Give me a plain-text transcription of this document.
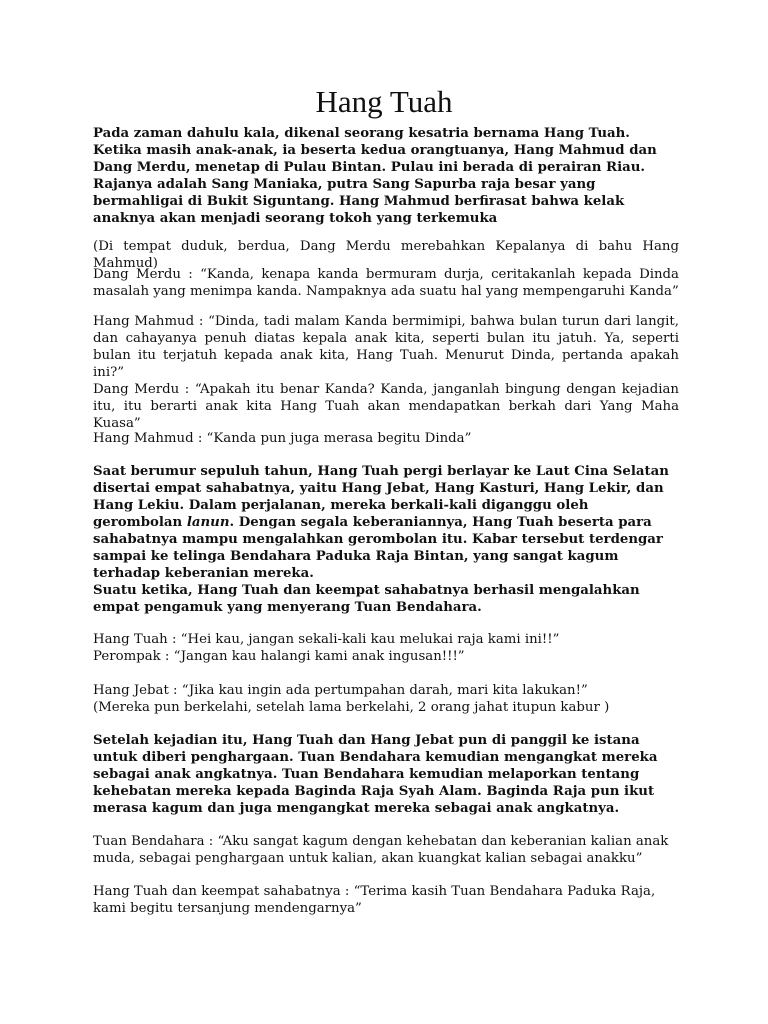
Hang Tuah

Pada zaman dahulu kala, dikenal seorang kesatria bernama Hang Tuah. Ketika masih anak-anak, ia beserta kedua orangtuanya, Hang Mahmud dan Dang Merdu, menetap di Pulau Bintan. Pulau ini berada di perairan Riau. Rajanya adalah Sang Maniaka, putra Sang Sapurba raja besar yang bermahligai di Bukit Siguntang. Hang Mahmud berfirasat bahwa kelak anaknya akan menjadi seorang tokoh yang terkemuka

(Di tempat duduk, berdua, Dang Merdu merebahkan Kepalanya di bahu Hang Mahmud)

Dang Merdu : “Kanda, kenapa kanda bermuram durja, ceritakanlah kepada Dinda masalah yang menimpa kanda. Nampaknya ada suatu hal yang mempengaruhi Kanda”

Hang Mahmud : “Dinda, tadi malam Kanda bermimipi, bahwa bulan turun dari langit, dan cahayanya penuh diatas kepala anak kita, seperti bulan itu jatuh. Ya, seperti bulan itu terjatuh kepada anak kita, Hang Tuah. Menurut Dinda, pertanda apakah ini?”

Dang Merdu : “Apakah itu benar Kanda? Kanda, janganlah bingung dengan kejadian itu, itu berarti anak kita Hang Tuah akan mendapatkan berkah dari Yang Maha Kuasa”

Hang Mahmud : “Kanda pun juga merasa begitu Dinda”

Saat berumur sepuluh tahun, Hang Tuah pergi berlayar ke Laut Cina Selatan disertai empat sahabatnya, yaitu Hang Jebat, Hang Kasturi, Hang Lekir, dan Hang Lekiu. Dalam perjalanan, mereka berkali-kali diganggu oleh gerombolan lanun. Dengan segala keberaniannya, Hang Tuah beserta para sahabatnya mampu mengalahkan gerombolan itu. Kabar tersebut terdengar sampai ke telinga Bendahara Paduka Raja Bintan, yang sangat kagum terhadap keberanian mereka.

Suatu ketika, Hang Tuah dan keempat sahabatnya berhasil mengalahkan empat pengamuk yang menyerang Tuan Bendahara.

Hang Tuah : “Hei kau, jangan sekali-kali kau melukai raja kami ini!!”
Perompak : “Jangan kau halangi kami anak ingusan!!!”

Hang Jebat : “Jika kau ingin ada pertumpahan darah, mari kita lakukan!”
(Mereka pun berkelahi, setelah lama berkelahi, 2 orang jahat itupun kabur )

Setelah kejadian itu, Hang Tuah dan Hang Jebat pun di panggil ke istana untuk diberi penghargaan. Tuan Bendahara kemudian mengangkat mereka sebagai anak angkatnya. Tuan Bendahara kemudian melaporkan tentang kehebatan mereka kepada Baginda Raja Syah Alam. Baginda Raja pun ikut merasa kagum dan juga mengangkat mereka sebagai anak angkatnya.

Tuan Bendahara : “Aku sangat kagum dengan kehebatan dan keberanian kalian anak muda, sebagai penghargaan untuk kalian, akan kuangkat kalian sebagai anakku”

Hang Tuah dan keempat sahabatnya : “Terima kasih Tuan Bendahara Paduka Raja, kami begitu tersanjung mendengarnya”
